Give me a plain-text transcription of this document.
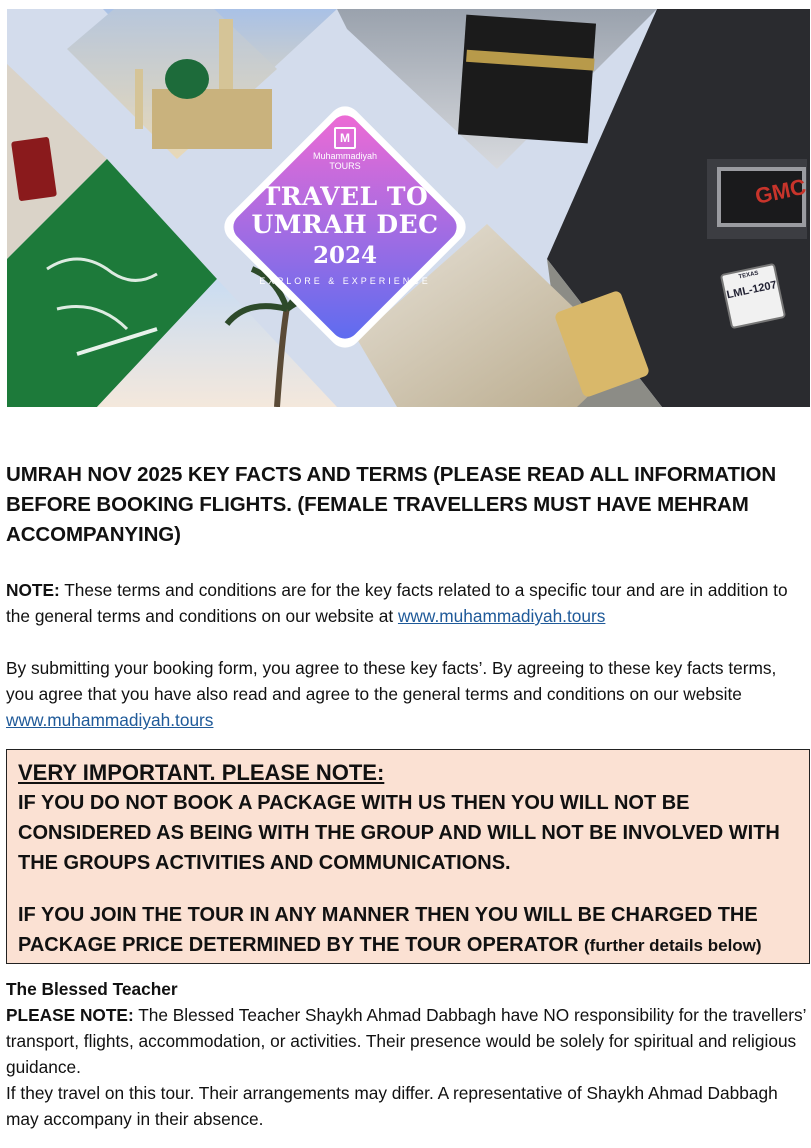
GMC
TEXAS
LML-1207
M
Muhammadiyah
TOURS
TRAVEL TO UMRAH DEC
2024
EXPLORE & EXPERIENCE
UMRAH NOV 2025 KEY FACTS AND TERMS (PLEASE READ ALL INFORMATION BEFORE BOOKING FLIGHTS. (FEMALE TRAVELLERS MUST HAVE MEHRAM ACCOMPANYING)
NOTE: These terms and conditions are for the key facts related to a specific tour and are in addition to the general terms and conditions on our website at www.muhammadiyah.tours
By submitting your booking form, you agree to these key facts’. By agreeing to these key facts terms, you agree that you have also read and agree to the general terms and conditions on our website www.muhammadiyah.tours
VERY IMPORTANT. PLEASE NOTE:
IF YOU DO NOT BOOK A PACKAGE WITH US THEN YOU WILL NOT BE CONSIDERED AS BEING WITH THE GROUP AND WILL NOT BE INVOLVED WITH THE GROUPS ACTIVITIES AND COMMUNICATIONS.
IF YOU JOIN THE TOUR IN ANY MANNER THEN YOU WILL BE CHARGED THE PACKAGE PRICE DETERMINED BY THE TOUR OPERATOR (further details below)
The Blessed Teacher
PLEASE NOTE: The Blessed Teacher Shaykh Ahmad Dabbagh have NO responsibility for the travellers’ transport, flights, accommodation, or activities. Their presence would be solely for spiritual and religious guidance.
If they travel on this tour. Their arrangements may differ. A representative of Shaykh Ahmad Dabbagh may accompany in their absence.
